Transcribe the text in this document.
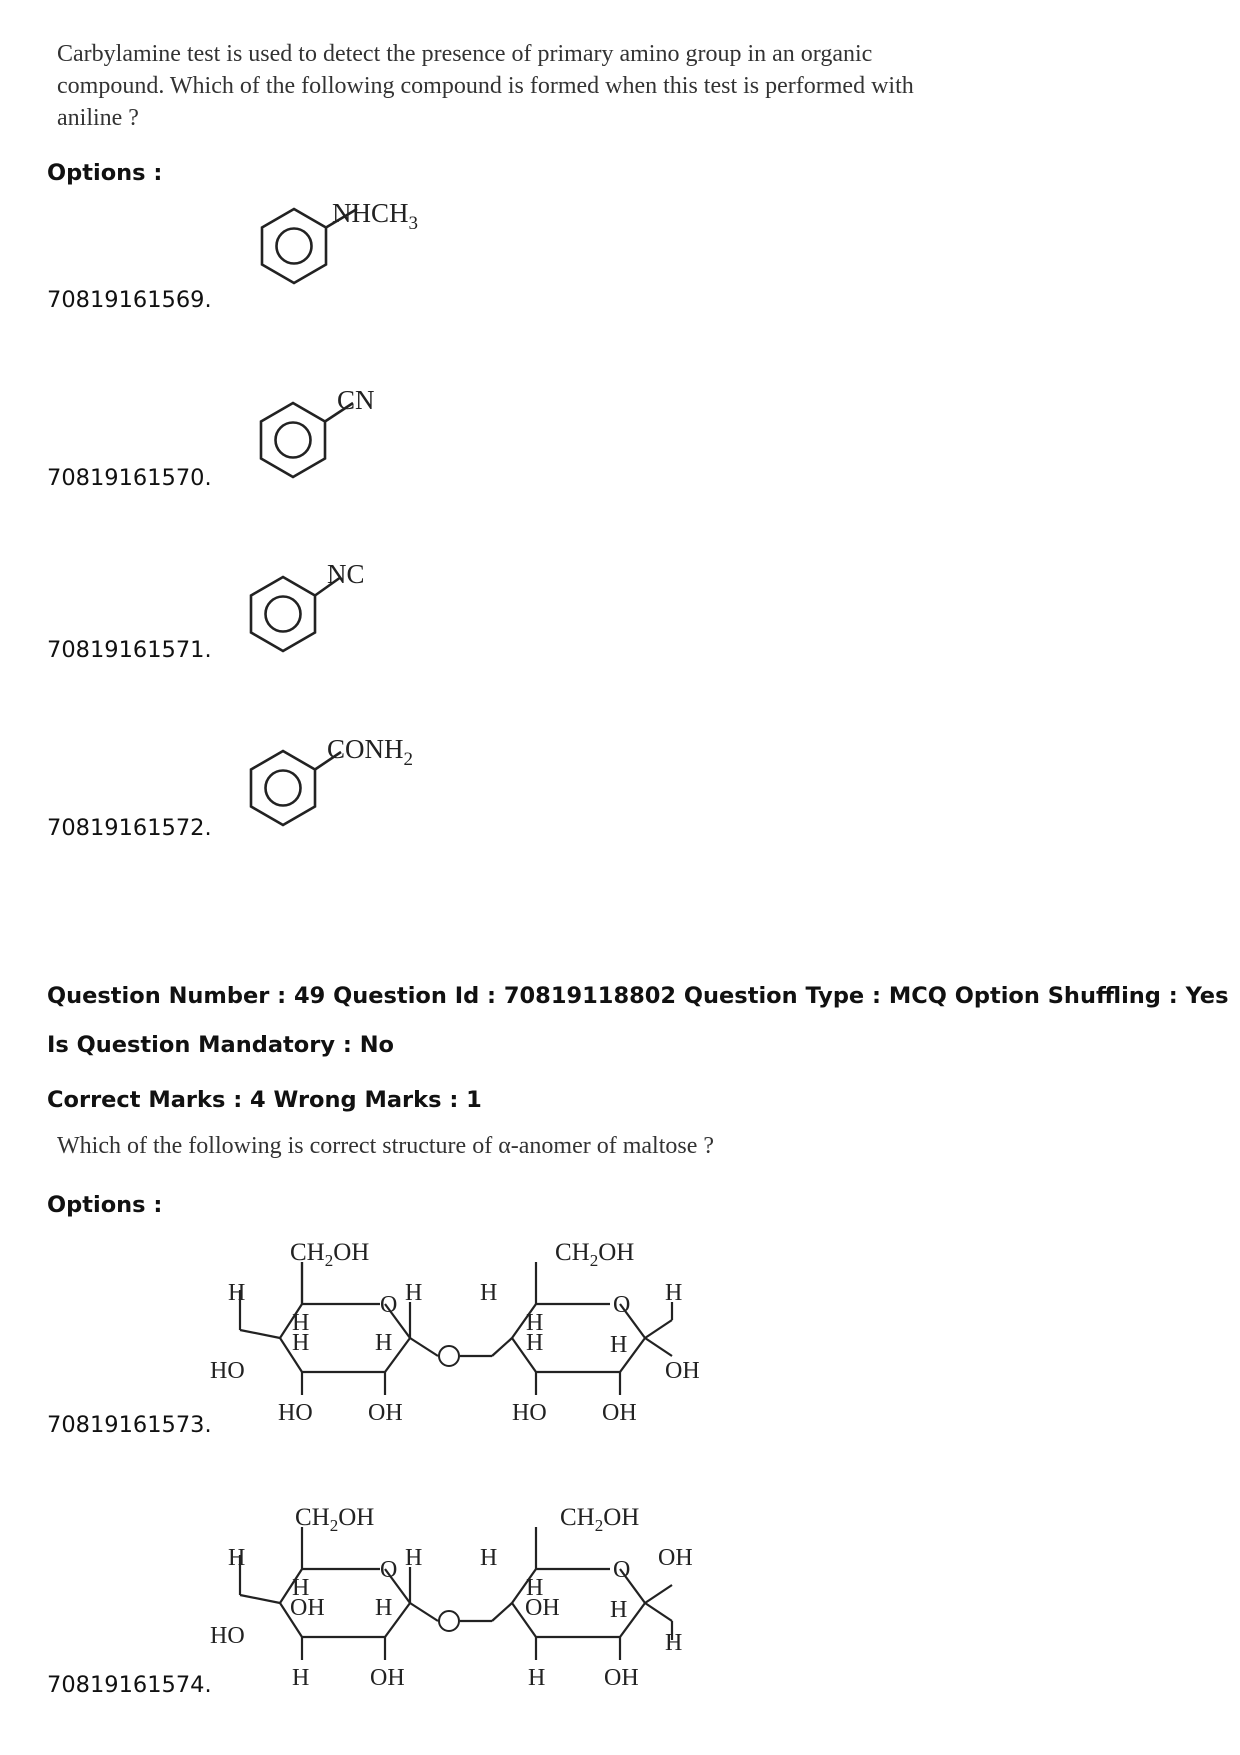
Carbylamine test is used to detect the presence of primary amino group in an organic
compound. Which of the following compound is formed when this test is performed with
aniline ?
Options :
70819161569.
$NHCH_3$
70819161570.
CN
70819161571.
NC
70819161572.
$CONH_2$
Question Number : 49 Question Id : 70819118802 Question Type : MCQ Option Shuffling : Yes
Is Question Mandatory : No
Correct Marks : 4 Wrong Marks : 1
Which of the following is correct structure of α-anomer of maltose ?
Options :
70819161573.
$CH_2OH$	$CH_2OH$
H	O H
H
H	H
HO
HO OH
H	O H
H
H	H
OH
HO OH
70819161574.
$CH_2OH$	$CH_2OH$
H	O H
H
OH H
HO
H	OH
H	O OH
H
OH H
H
H OH
